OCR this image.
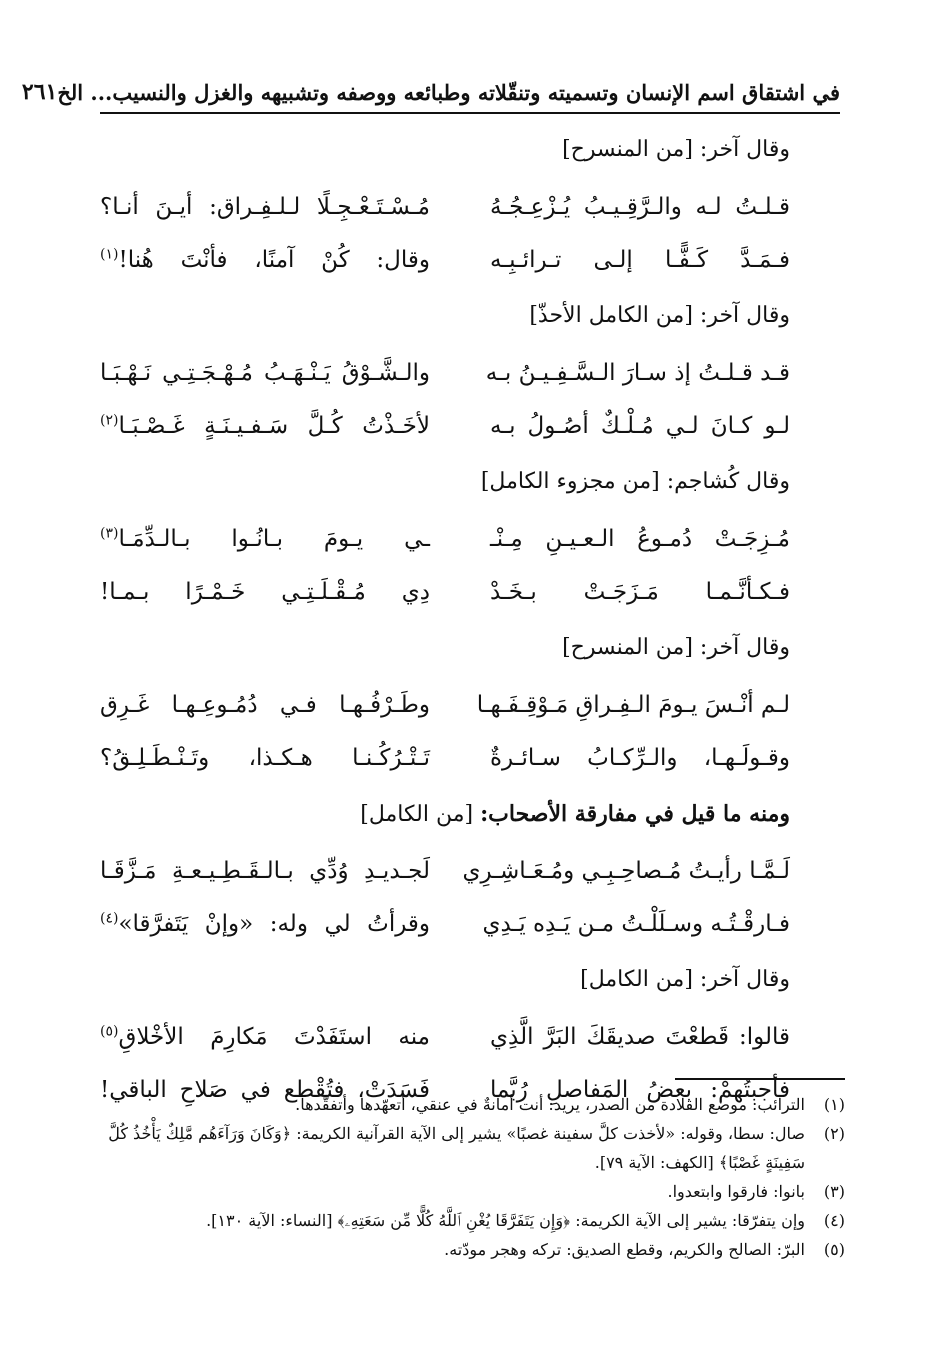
في اشتقاق اسم الإنسان وتسميته وتنقّلاته وطبائعه ووصفه وتشبيهه والغزل والنسيب... الخ
٢٦١
وقال آخر: [من المنسرح]
قـلـتُ لـه والـرَّقِـيـبُ يُـزْعِـجُـهُ
مُـسْـتَـعْـجِـلًا لـلـفِـراق: أيـنَ أنـا؟
فـمَـدَّ كَـفًّـا إلـى تـرائـبِـه
وقال: كُنْ آمنًا، فأنْتَ هُنا!$^{(١)}$
وقال آخر: [من الكامل الأحذّ]
قـد قـلـتُ إذ سـارَ الـسَّـفِـيـنُ بـه
والـشَّـوْقُ يَـنْـهَـبُ مُـهْـجَـتِـي نَـهْـبَـا
لـو كـانَ لـي مُـلْـكٌ أصُـولُ بـه
لأخَـذْتُ كُـلَّ سَـفـيـنَـةٍ غَـصْـبَـا$^{(٢)}$
وقال كُشاجم: [من مجزوء الكامل]
مُـزِجَـتْ دُمـوعُ الـعـيـنِ مِـنْـ
ـي يـومَ بـانُـوا بـالـدِّمَـا$^{(٣)}$
فـكـأنَّـمـا مَـزَجَـتْ بـخَـدْ
دِي مُـقْـلَـتِـي خَـمْـرًا بـمـا!
وقال آخر: [من المنسرح]
لـم أنْـسَ يـومَ الـفِـراقِ مَـوْقِـفَـهـا
وطَـرْفُـهـا فـي دُمُـوعِـهـا غَـرِق
وقـولَـهـا، والـرِّكـابُ سـائـرةٌ
تَـتْـرُكُـنـا هـكـذا، وتَـنْـطَـلِـقُ؟
ومنه ما قيل في مفارقة الأصحاب: [من الكامل]
لَـمَّـا رأيـتُ مُـصاحِـبِـي ومُـعَـاشِـرِي
لَجـديـدِ وُدِّي بـالـقَـطِـيـعـةِ مَـزَّقَـا
فـارقْـتُـه وسـلَلْـتُ مـن يَـدِه يَـدِي
وقرأتُ لي وله: «وإنْ يَتَفرَّقا»$^{(٤)}$
وقال آخر: [من الكامل]
قالوا: قَطعْتَ صديقَكَ البَرَّ الَّذِي
منه استَفَدْتَ مَكارِمَ الأخْلاقِ$^{(٥)}$
فأجبتُهمْ: بعضُ المَفاصلِ رُبَّما
فَسَدَتْ، فتُقْطع في صَلاحِ الباقي!
(١)
الترائب: موضع القلادة من الصدر، يريد: أنت أمانةٌ في عنقي، أتعهّدها وأتفقّدها.
(٢)
صال: سطا، وقوله: «لأخذت كلَّ سفينة غصبًا» يشير إلى الآية القرآنية الكريمة: ﴿وَكَانَ وَرَآءَهُم مَّلِكٌ يَأْخُذُ كُلَّ سَفِينَةٍ غَصْبًا﴾ [الكهف: الآية ٧٩].
(٣)
بانوا: فارقوا وابتعدوا.
(٤)
وإن يتفرّقا: يشير إلى الآية الكريمة: ﴿وَإِن يَتَفَرَّقَا يُغْنِ ٱللَّهُ كُلًّا مِّن سَعَتِهِۦ﴾ [النساء: الآية ١٣٠].
(٥)
البرّ: الصالح والكريم، وقطع الصديق: تركه وهجر مودّته.
